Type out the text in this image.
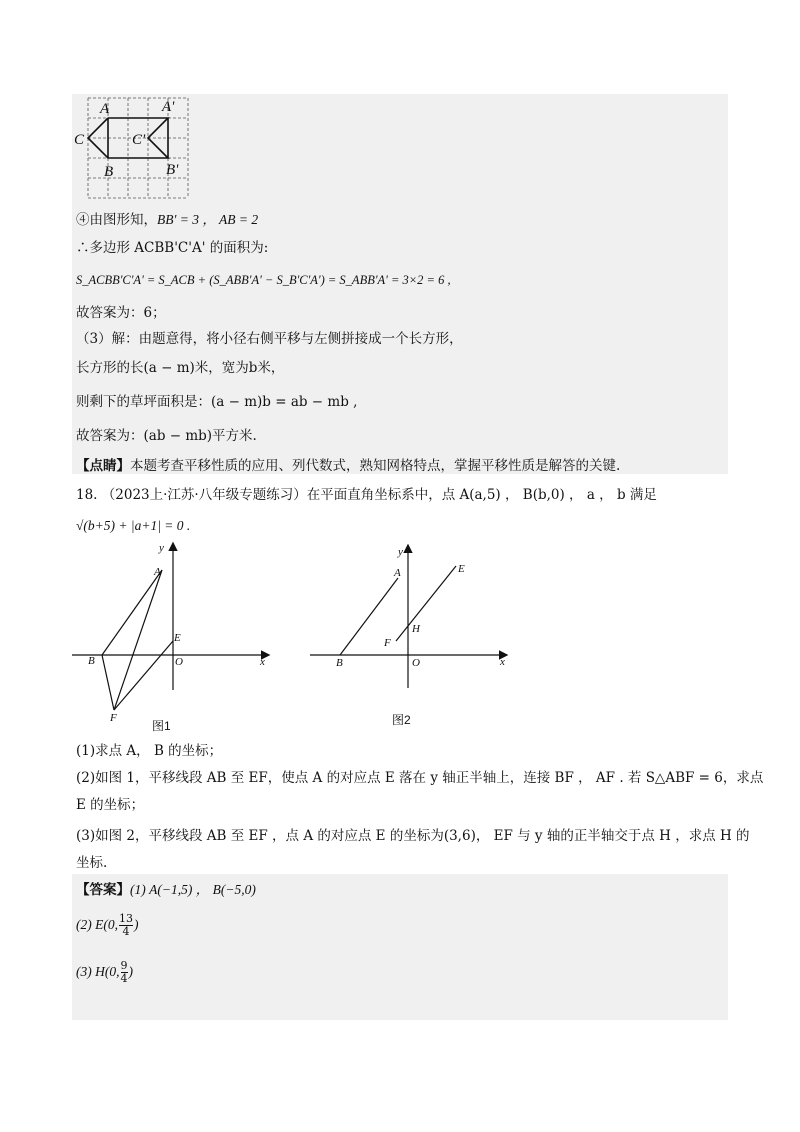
A	A'
C	C'
B	B'
④由图形知，BB' = 3 ， AB = 2
∴多边形 ACBB'C'A' 的面积为:
S_ACBB'C'A' = S_ACB + (S_ABB'A' − S_B'C'A') = S_ABB'A' = 3×2 = 6 ,
故答案为：6；
（3）解：由题意得，将小径右侧平移与左侧拼接成一个长方形，
长方形的长(a − m)米，宽为b米，
则剩下的草坪面积是：(a − m)b = ab − mb ,
故答案为：(ab − mb)平方米.
【点睛】本题考查平移性质的应用、列代数式，熟知网格特点，掌握平移性质是解答的关键.
18. （2023上·江苏·八年级专题练习）在平面直角坐标系中，点 A(a,5) ， B(b,0) ， a ， b 满足
√(b+5) + |a+1| = 0 .
y
x
A
B
E
O
F
图1
y
x
A
B
E
H
F
O
图2
(1)求点 A， B 的坐标；
(2)如图 1，平移线段 AB 至 EF，使点 A 的对应点 E 落在 y 轴正半轴上，连接 BF ， AF . 若 S△ABF = 6，求点
E 的坐标；
(3)如图 2，平移线段 AB 至 EF ，点 A 的对应点 E 的坐标为(3,6)， EF 与 y 轴的正半轴交于点 H ，求点 H 的
坐标.
【答案】(1) A(−1,5) ， B(−5,0)
(2) E(0, $\frac{13}{4}$ )
(3) H(0, $\frac{9}{4}$ )
